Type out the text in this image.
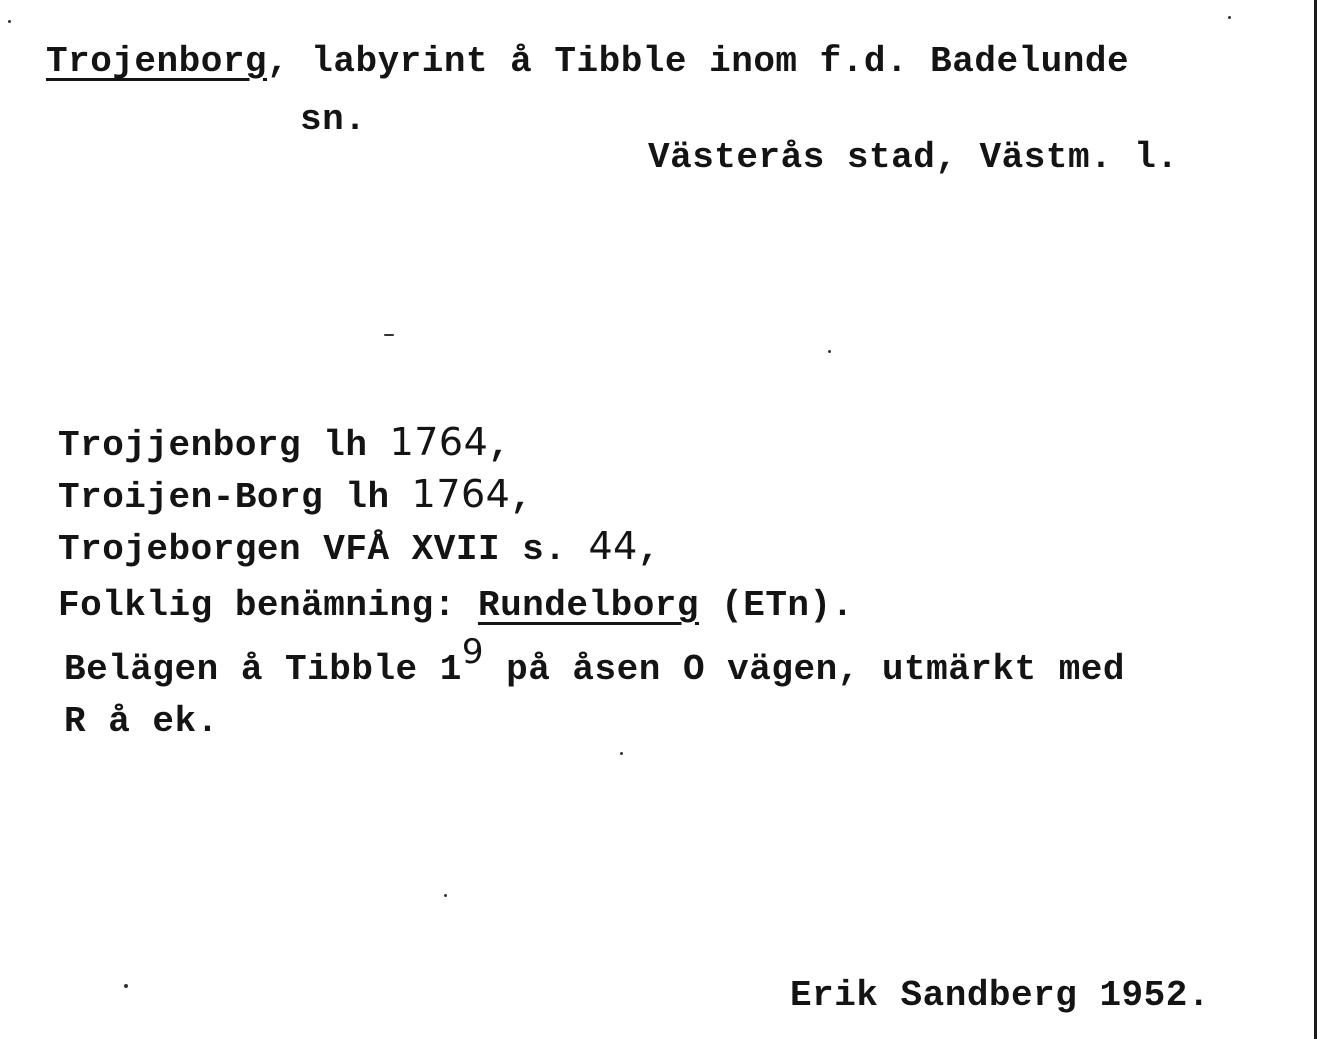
Trojenborg, labyrint å Tibble inom f.d. Badelunde
sn.
Västerås stad, Västm. l.
Trojjenborg lh 1764,
Troijen-Borg lh 1764,
Trojeborgen VFÅ XVII s. 44,
Folklig benämning: Rundelborg (ETn).
Belägen å Tibble 19 på åsen O vägen, utmärkt med
R å ek.
Erik Sandberg 1952.
